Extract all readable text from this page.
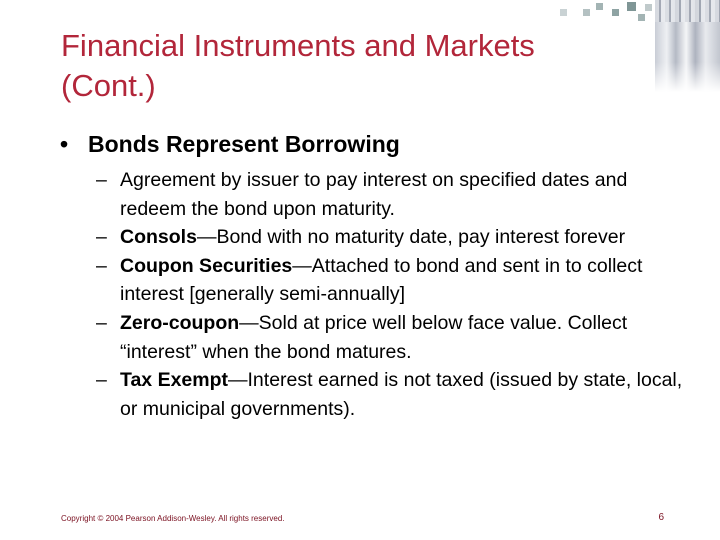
Financial Instruments and Markets
(Cont.)
• Bonds Represent Borrowing
– Agreement by issuer to pay interest on specified dates and redeem the bond upon maturity.
– Consols—Bond with no maturity date, pay interest forever
– Coupon Securities—Attached to bond and sent in to collect interest [generally semi-annually]
– Zero-coupon—Sold at price well below face value. Collect “interest” when the bond matures.
– Tax Exempt—Interest earned is not taxed (issued by state, local, or municipal governments).
Copyright © 2004 Pearson Addison-Wesley. All rights reserved.	6
